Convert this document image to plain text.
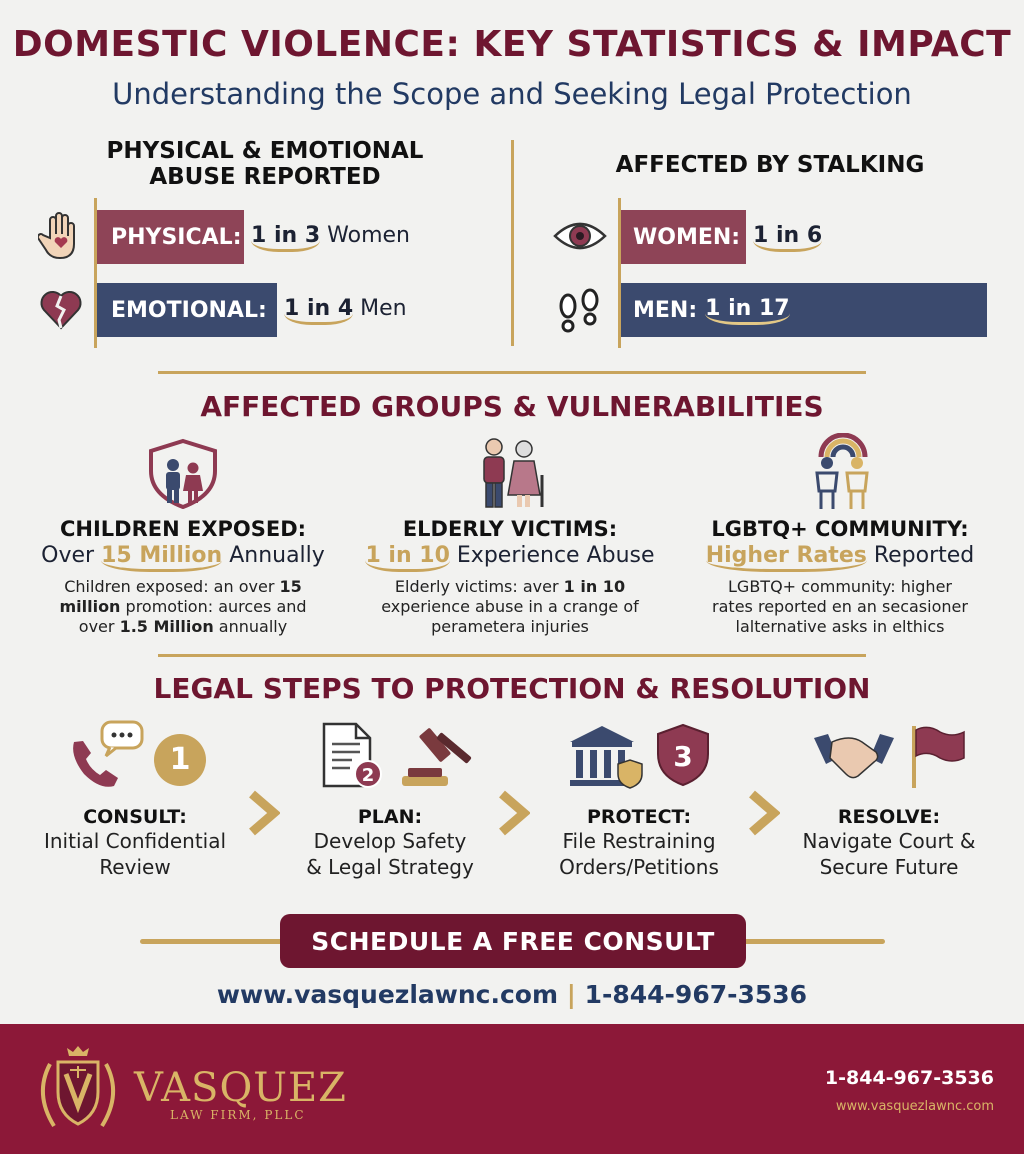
DOMESTIC VIOLENCE: KEY STATISTICS & IMPACT
Understanding the Scope and Seeking Legal Protection
PHYSICAL & EMOTIONAL
ABUSE REPORTED
PHYSICAL: 1 in 3 Women
EMOTIONAL: 1 in 4 Men
AFFECTED BY STALKING
WOMEN: 1 in 6
MEN: 1 in 17
AFFECTED GROUPS & VULNERABILITIES
CHILDREN EXPOSED:
Over 15 Million Annually
Children exposed: an over 15
million promotion: aurces and
over 1.5 Million annually
ELDERLY VICTIMS:
1 in 10 Experience Abuse
Elderly victims: aver 1 in 10
experience abuse in a crange of
perametera injuries
LGBTQ+ COMMUNITY:
Higher Rates Reported
LGBTQ+ community: higher
rates reported en an secasioner
lalternative asks in elthics
LEGAL STEPS TO PROTECTION & RESOLUTION
1	2
3
CONSULT:
Initial Confidential
Review
PLAN:
Develop Safety
& Legal Strategy
PROTECT:
File Restraining
Orders/Petitions
RESOLVE:
Navigate Court &
Secure Future
SCHEDULE A FREE CONSULT
www.vasquezlawnc.com | 1-844-967-3536
VASQUEZ
LAW FIRM, PLLC
1-844-967-3536
www.vasquezlawnc.com
